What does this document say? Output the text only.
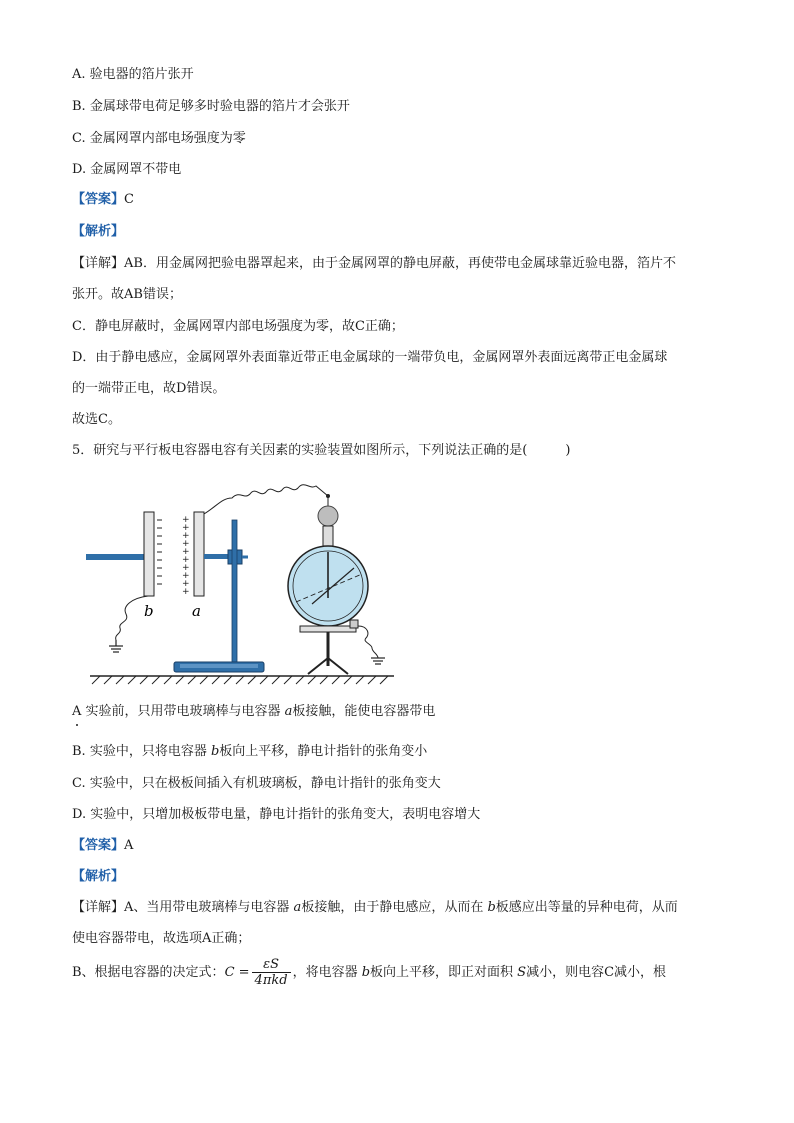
A. 验电器的箔片张开
B. 金属球带电荷足够多时验电器的箔片才会张开
C. 金属网罩内部电场强度为零
D. 金属网罩不带电
【答案】C
【解析】
【详解】AB．用金属网把验电器罩起来，由于金属网罩的静电屏蔽，再使带电金属球靠近验电器，箔片不
张开。故AB错误；
C．静电屏蔽时，金属网罩内部电场强度为零，故C正确；
D．由于静电感应，金属网罩外表面靠近带正电金属球的一端带负电，金属网罩外表面远离带正电金属球
的一端带正电，故D错误。
故选C。
5．研究与平行板电容器电容有关因素的实验装置如图所示，下列说法正确的是(	)
b
+
+
+
+
+
+
+
+
+
+
a
A 实验前，只用带电玻璃棒与电容器 a板接触，能使电容器带电
B. 实验中，只将电容器 b板向上平移，静电计指针的张角变小
C. 实验中，只在极板间插入有机玻璃板，静电计指针的张角变大
D. 实验中，只增加极板带电量，静电计指针的张角变大，表明电容增大
【答案】A
【解析】
【详解】A、当用带电玻璃棒与电容器 a板接触，由于静电感应，从而在 b板感应出等量的异种电荷，从而
使电容器带电，故选项A正确；
B、根据电容器的决定式：$C = \frac{\varepsilon S}{\text{4πkd}}$ ，将电容器 b板向上平移，即正对面积 S减小，则电容C减小，根
